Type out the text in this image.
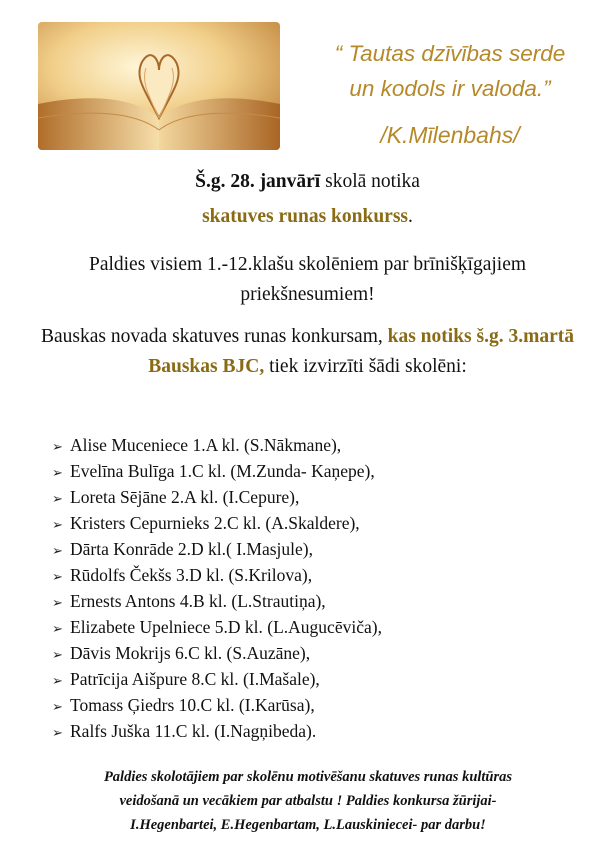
“ Tautas dzīvības serde
un kodols ir valoda.”
/K.Mīlenbahs/
Š.g. 28. janvārī skolā notika
skatuves runas konkurss.
Paldies visiem 1.-12.klašu skolēniem par brīnišķīgajiem priekšnesumiem!
Bauskas novada skatuves runas konkursam, kas notiks š.g. 3.martā Bauskas BJC, tiek izvirzīti šādi skolēni:
➢ Alise Muceniece 1.A kl. (S.Nākmane),
➢ Evelīna Bulīga 1.C kl. (M.Zunda- Kaņepe),
➢ Loreta Sējāne 2.A kl. (I.Cepure),
➢ Kristers Cepurnieks 2.C kl. (A.Skaldere),
➢ Dārta Konrāde 2.D kl.( I.Masjule),
➢ Rūdolfs Čekšs 3.D kl. (S.Krilova),
➢ Ernests Antons 4.B kl. (L.Strautiņa),
➢ Elizabete Upelniece 5.D kl. (L.Augucēviča),
➢ Dāvis Mokrijs 6.C kl. (S.Auzāne),
➢ Patrīcija Aišpure 8.C kl. (I.Mašale),
➢ Tomass Ģiedrs 10.C kl. (I.Karūsa),
➢ Ralfs Juška 11.C kl. (I.Nagņibeda).
Paldies skolotājiem par skolēnu motivēšanu skatuves runas kultūras
veidošanā un vecākiem par atbalstu ! Paldies konkursa žūrijai-
I.Hegenbartei, E.Hegenbartam, L.Lauskiniecei- par darbu!
